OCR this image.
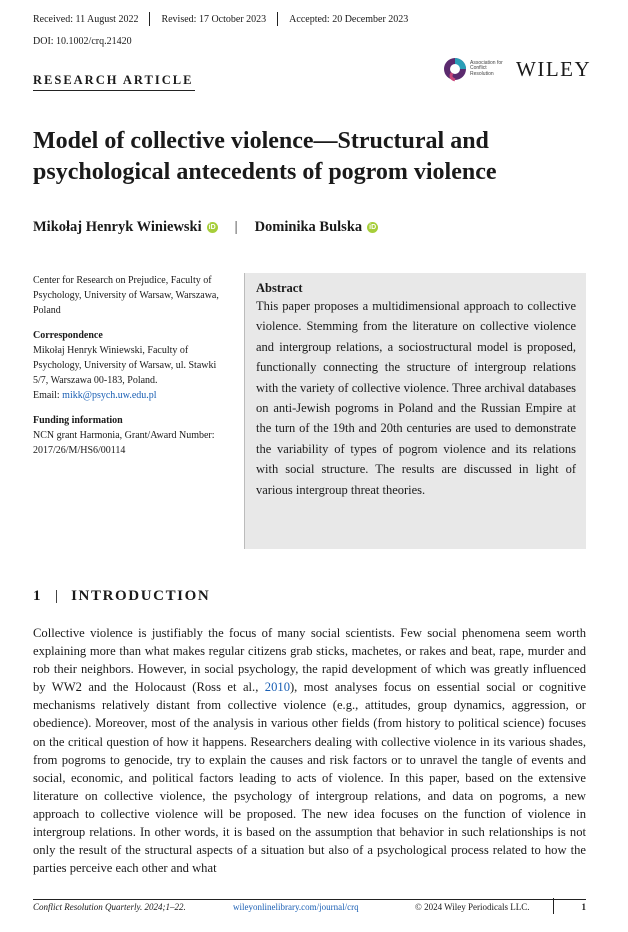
Received: 11 August 2022 Revised: 17 October 2023 Accepted: 20 December 2023
DOI: 10.1002/crq.21420
RESEARCH ARTICLE
Association for Conflict Resolution	WILEY
Model of collective violence—Structural and psychological antecedents of pogrom violence
Mikołaj Henryk Winiewski iD | Dominika Bulska iD
Center for Research on Prejudice, Faculty of Psychology, University of Warsaw, Warszawa, Poland
Correspondence
Mikołaj Henryk Winiewski, Faculty of Psychology, University of Warsaw, ul. Stawki 5/7, Warszawa 00-183, Poland.
Email: mikk@psych.uw.edu.pl
Funding information
NCN grant Harmonia, Grant/Award Number: 2017/26/M/HS6/00114
Abstract
This paper proposes a multidimensional approach to collective violence. Stemming from the literature on collective violence and intergroup relations, a sociostructural model is proposed, functionally connecting the structure of intergroup relations with the variety of collective violence. Three archival databases on anti-Jewish pogroms in Poland and the Russian Empire at the turn of the 19th and 20th centuries are used to demonstrate the variability of types of pogrom violence and its relations with social structure. The results are discussed in light of various intergroup threat theories.
1 INTRODUCTION
Collective violence is justifiably the focus of many social scientists. Few social phenomena seem worth explaining more than what makes regular citizens grab sticks, machetes, or rakes and beat, rape, murder and rob their neighbors. However, in social psychology, the rapid development of which was greatly influenced by WW2 and the Holocaust (Ross et al., 2010), most analyses focus on essential social or cognitive mechanisms relatively distant from collective violence (e.g., attitudes, group dynamics, aggression, or obedience). Moreover, most of the analysis in various other fields (from history to political science) focuses on the critical question of how it happens. Researchers dealing with collective violence in its various shades, from pogroms to genocide, try to explain the causes and risk factors or to unravel the tangle of events and social, economic, and political factors leading to acts of violence. In this paper, based on the extensive literature on collective violence, the psychology of intergroup relations, and data on pogroms, a new approach to collective violence will be proposed. The new idea focuses on the function of violence in intergroup relations. In other words, it is based on the assumption that behavior in such relationships is not only the result of the structural aspects of a situation but also of a psychological process related to how the parties perceive each other and what
Conflict Resolution Quarterly. 2024;1–22.	wileyonlinelibrary.com/journal/crq	© 2024 Wiley Periodicals LLC.	1
